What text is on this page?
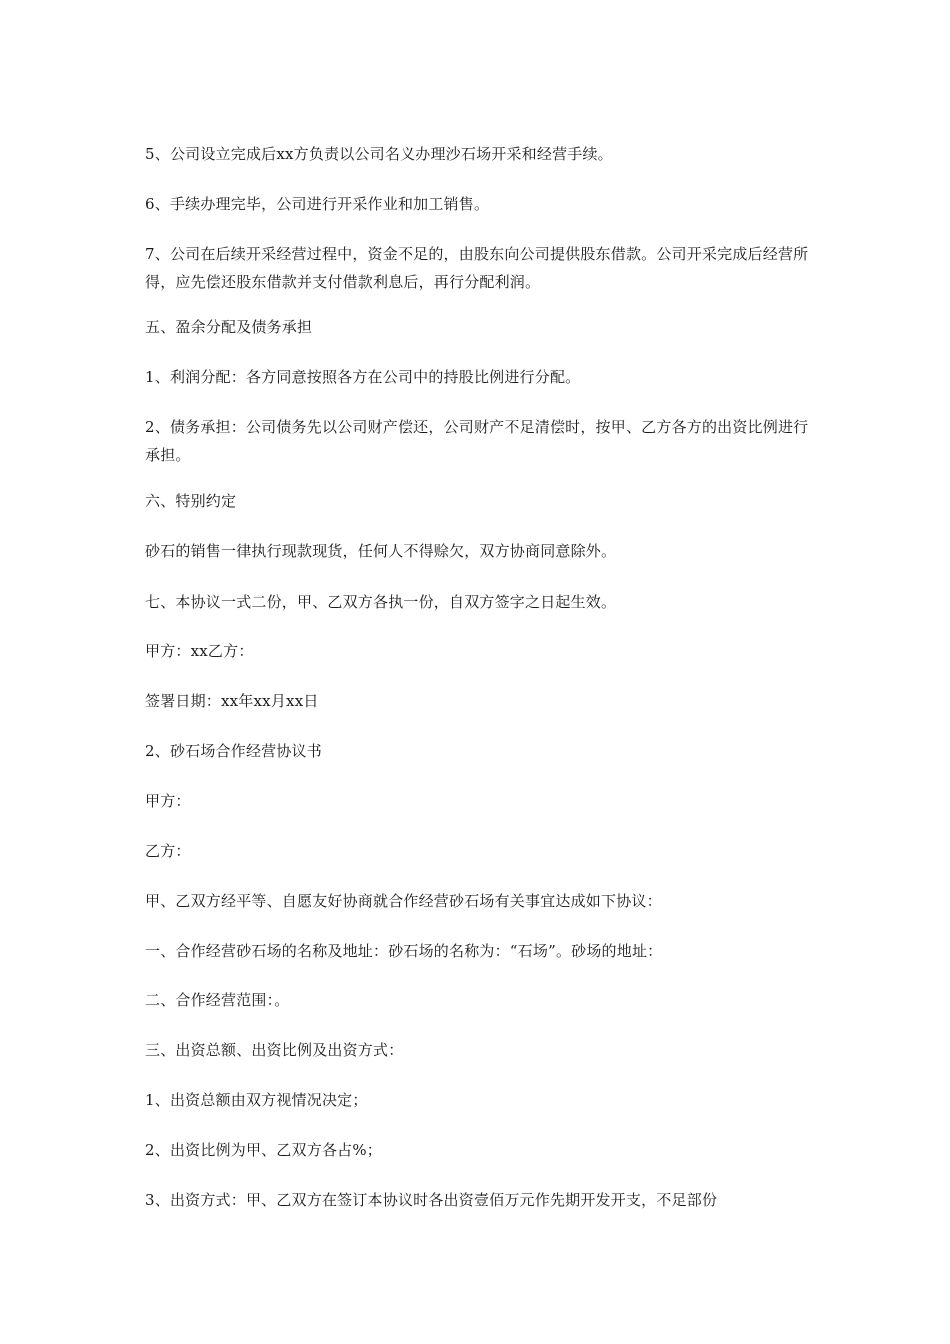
5、公司设立完成后xx方负责以公司名义办理沙石场开采和经营手续。

6、手续办理完毕，公司进行开采作业和加工销售。

7、公司在后续开采经营过程中，资金不足的，由股东向公司提供股东借款。公司开采完成后经营所得，应先偿还股东借款并支付借款利息后，再行分配利润。

五、盈余分配及债务承担

1、利润分配：各方同意按照各方在公司中的持股比例进行分配。

2、债务承担：公司债务先以公司财产偿还，公司财产不足清偿时，按甲、乙方各方的出资比例进行承担。

六、特别约定

砂石的销售一律执行现款现货，任何人不得赊欠，双方协商同意除外。

七、本协议一式二份，甲、乙双方各执一份，自双方签字之日起生效。

甲方：xx乙方：

签署日期：xx年xx月xx日

2、砂石场合作经营协议书

甲方：

乙方：

甲、乙双方经平等、自愿友好协商就合作经营砂石场有关事宜达成如下协议：

一、合作经营砂石场的名称及地址：砂石场的名称为：“石场”。砂场的地址：

二、合作经营范围：。

三、出资总额、出资比例及出资方式：

1、出资总额由双方视情况决定；

2、出资比例为甲、乙双方各占%；

3、出资方式：甲、乙双方在签订本协议时各出资壹佰万元作先期开发开支，不足部份
